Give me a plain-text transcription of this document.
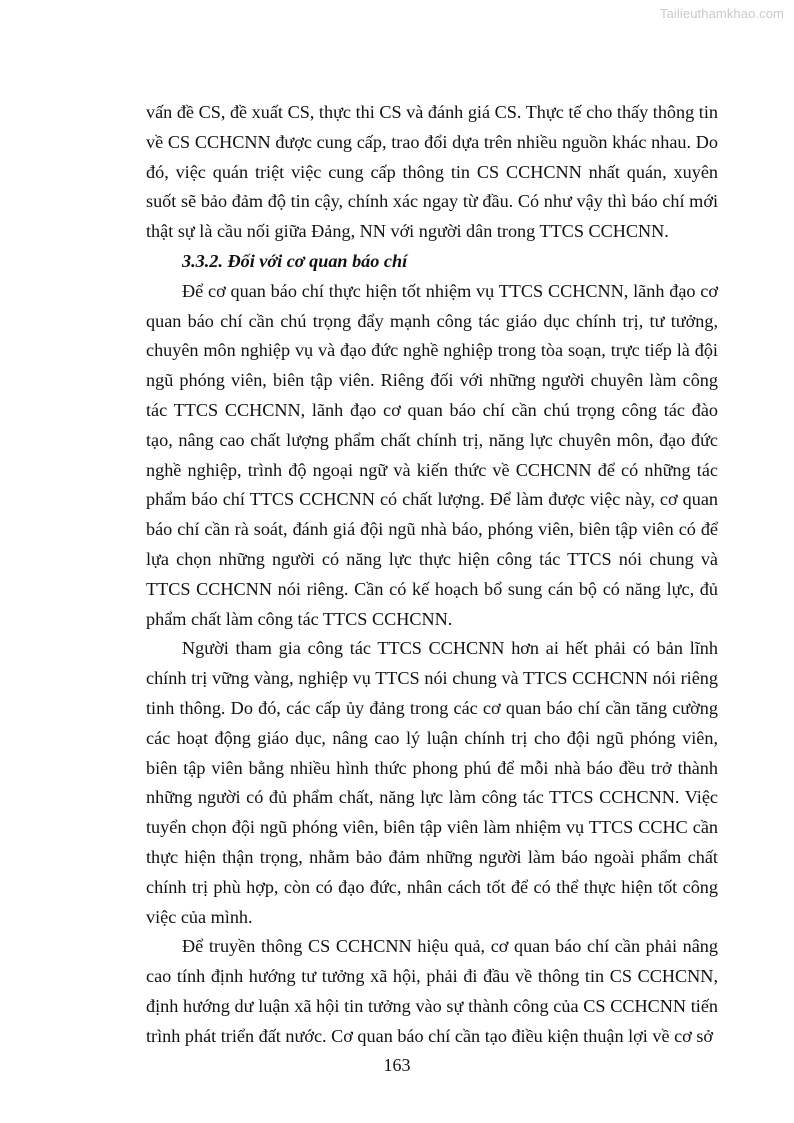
Tailieuthamkhao.com

vấn đề CS, đề xuất CS, thực thi CS và đánh giá CS. Thực tế cho thấy thông tin về CS CCHCNN được cung cấp, trao đổi dựa trên nhiều nguồn khác nhau. Do đó, việc quán triệt việc cung cấp thông tin CS CCHCNN nhất quán, xuyên suốt sẽ bảo đảm độ tin cậy, chính xác ngay từ đầu. Có như vậy thì báo chí mới thật sự là cầu nối giữa Đảng, NN với người dân trong TTCS CCHCNN.

3.3.2. Đối với cơ quan báo chí

Để cơ quan báo chí thực hiện tốt nhiệm vụ TTCS CCHCNN, lãnh đạo cơ quan báo chí cần chú trọng đẩy mạnh công tác giáo dục chính trị, tư tưởng, chuyên môn nghiệp vụ và đạo đức nghề nghiệp trong tòa soạn, trực tiếp là đội ngũ phóng viên, biên tập viên. Riêng đối với những người chuyên làm công tác TTCS CCHCNN, lãnh đạo cơ quan báo chí cần chú trọng công tác đào tạo, nâng cao chất lượng phẩm chất chính trị, năng lực chuyên môn, đạo đức nghề nghiệp, trình độ ngoại ngữ và kiến thức về CCHCNN để có những tác phẩm báo chí TTCS CCHCNN có chất lượng. Để làm được việc này, cơ quan báo chí cần rà soát, đánh giá đội ngũ nhà báo, phóng viên, biên tập viên có để lựa chọn những người có năng lực thực hiện công tác TTCS nói chung và TTCS CCHCNN nói riêng. Cần có kế hoạch bổ sung cán bộ có năng lực, đủ phẩm chất làm công tác TTCS CCHCNN.

Người tham gia công tác TTCS CCHCNN hơn ai hết phải có bản lĩnh chính trị vững vàng, nghiệp vụ TTCS nói chung và TTCS CCHCNN nói riêng tinh thông. Do đó, các cấp ủy đảng trong các cơ quan báo chí cần tăng cường các hoạt động giáo dục, nâng cao lý luận chính trị cho đội ngũ phóng viên, biên tập viên bằng nhiều hình thức phong phú để mỗi nhà báo đều trở thành những người có đủ phẩm chất, năng lực làm công tác TTCS CCHCNN. Việc tuyển chọn đội ngũ phóng viên, biên tập viên làm nhiệm vụ TTCS CCHC cần thực hiện thận trọng, nhằm bảo đảm những người làm báo ngoài phẩm chất chính trị phù hợp, còn có đạo đức, nhân cách tốt để có thể thực hiện tốt công việc của mình.

Để truyền thông CS CCHCNN hiệu quả, cơ quan báo chí cần phải nâng cao tính định hướng tư tưởng xã hội, phải đi đầu về thông tin CS CCHCNN, định hướng dư luận xã hội tin tưởng vào sự thành công của CS CCHCNN tiến trình phát triển đất nước. Cơ quan báo chí cần tạo điều kiện thuận lợi về cơ sở

163
